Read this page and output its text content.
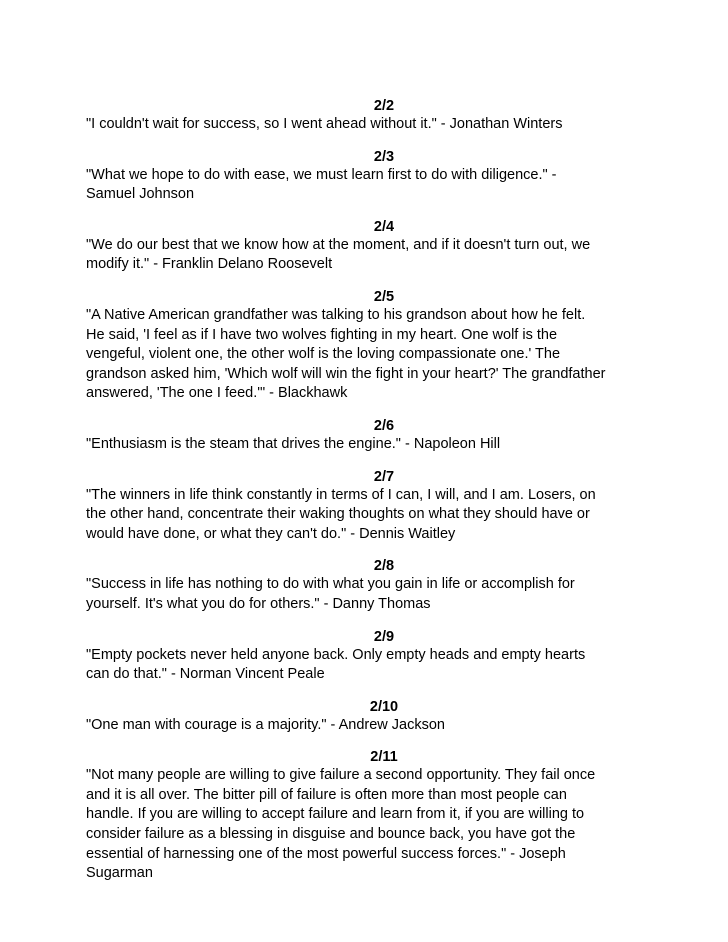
2/2
"I couldn't wait for success, so I went ahead without it." - Jonathan Winters
2/3
"What we hope to do with ease, we must learn first to do with diligence." -
Samuel Johnson
2/4
"We do our best that we know how at the moment, and if it doesn't turn out, we
modify it." - Franklin Delano Roosevelt
2/5
"A Native American grandfather was talking to his grandson about how he felt.
He said, 'I feel as if I have two wolves fighting in my heart. One wolf is the
vengeful, violent one, the other wolf is the loving compassionate one.' The
grandson asked him, 'Which wolf will win the fight in your heart?' The grandfather
answered, 'The one I feed.'" - Blackhawk
2/6
"Enthusiasm is the steam that drives the engine." - Napoleon Hill
2/7
"The winners in life think constantly in terms of I can, I will, and I am. Losers, on
the other hand, concentrate their waking thoughts on what they should have or
would have done, or what they can't do." - Dennis Waitley
2/8
"Success in life has nothing to do with what you gain in life or accomplish for
yourself. It's what you do for others." - Danny Thomas
2/9
"Empty pockets never held anyone back. Only empty heads and empty hearts
can do that." - Norman Vincent Peale
2/10
"One man with courage is a majority." - Andrew Jackson
2/11
"Not many people are willing to give failure a second opportunity. They fail once
and it is all over. The bitter pill of failure is often more than most people can
handle. If you are willing to accept failure and learn from it, if you are willing to
consider failure as a blessing in disguise and bounce back, you have got the
essential of harnessing one of the most powerful success forces." - Joseph
Sugarman
